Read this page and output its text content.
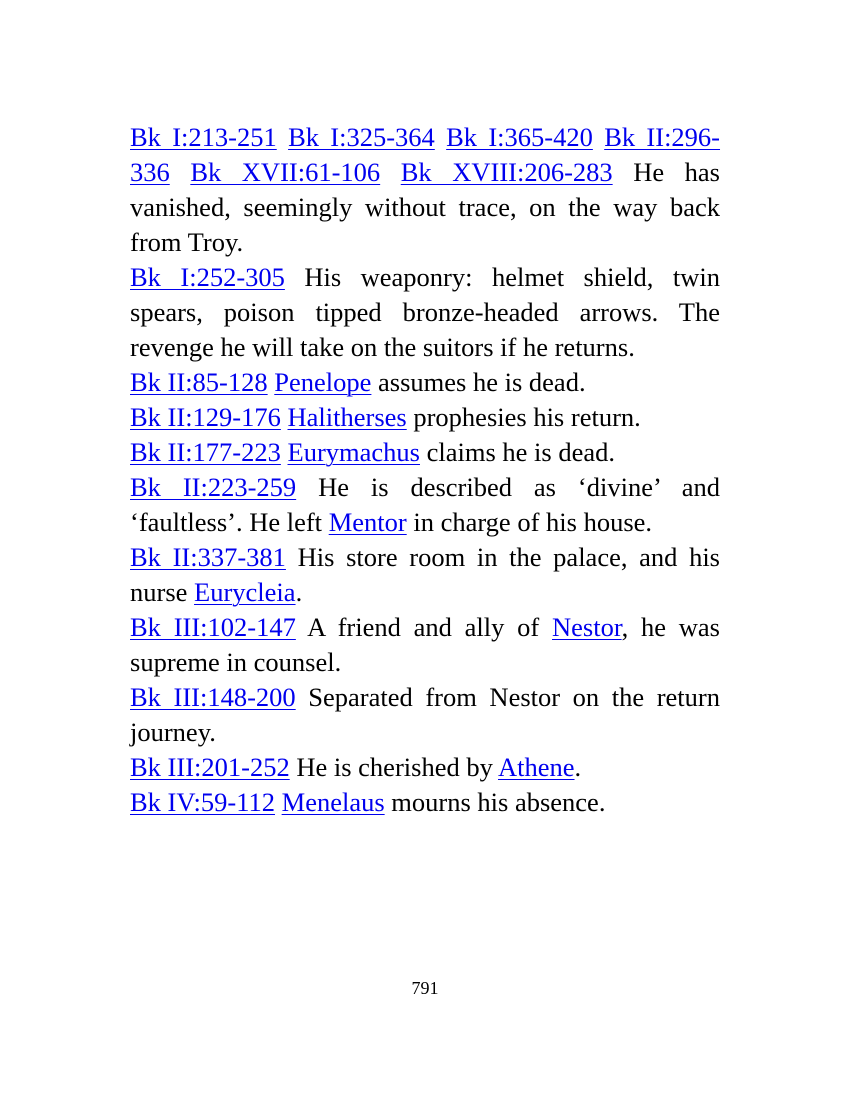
Bk I:213-251 Bk I:325-364 Bk I:365-420 Bk II:296-336 Bk XVII:61-106 Bk XVIII:206-283 He has vanished, seemingly without trace, on the way back from Troy.

Bk I:252-305 His weaponry: helmet shield, twin spears, poison tipped bronze-headed arrows. The revenge he will take on the suitors if he returns.

Bk II:85-128 Penelope assumes he is dead.

Bk II:129-176 Halitherses prophesies his return.

Bk II:177-223 Eurymachus claims he is dead.

Bk II:223-259 He is described as ‘divine’ and ‘faultless’. He left Mentor in charge of his house.

Bk II:337-381 His store room in the palace, and his nurse Eurycleia.

Bk III:102-147 A friend and ally of Nestor, he was supreme in counsel.

Bk III:148-200 Separated from Nestor on the return journey.

Bk III:201-252 He is cherished by Athene.

Bk IV:59-112 Menelaus mourns his absence.

791
